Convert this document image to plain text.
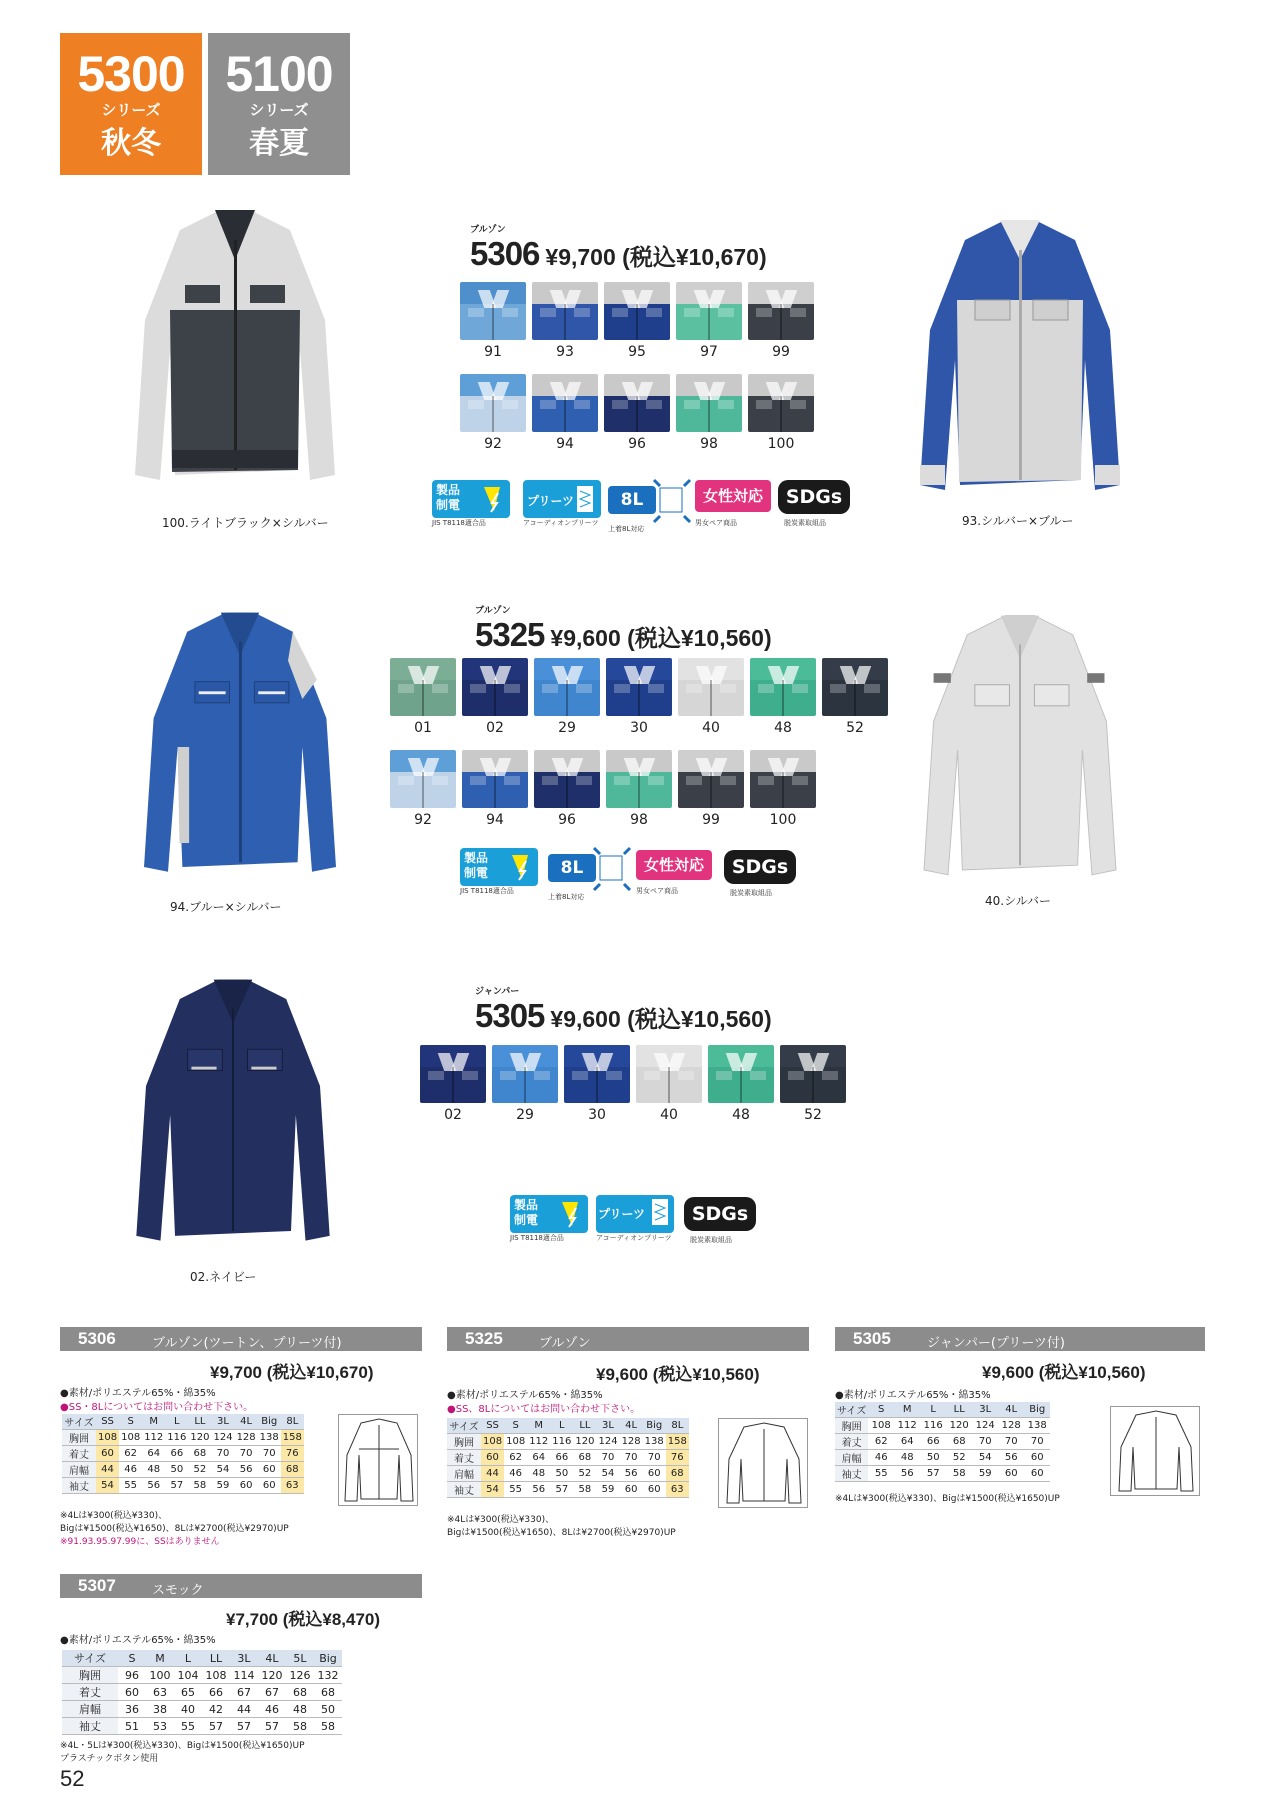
5300
シリーズ
秋冬
5100
シリーズ
春夏
100.ライトブラック×シルバー	93.シルバー×ブルー
ブルゾン
5306 ¥9,700 (税込¥10,670)
91	93	95	97	99
92	94	96	98	100
製品
制電
JIS T8118適合品
プリーツ
アコーディオンプリーツ
8L
上着8L対応
女性対応
男女ペア商品
SDGs
脱炭素取組品
94.ブルー×シルバー	40.シルバー
ブルゾン
5325 ¥9,600 (税込¥10,560)
01	02	29	30	40	48	52
92	94	96	98	99	100
製品
制電
JIS T8118適合品
8L
上着8L対応
女性対応
男女ペア商品
SDGs
脱炭素取組品
02.ネイビー
ジャンパー
5305 ¥9,600 (税込¥10,560)
02	29	30	40	48	52
製品
制電
JIS T8118適合品
プリーツ
アコーディオンプリーツ
SDGs
脱炭素取組品
5306	ブルゾン(ツートン、プリーツ付)
¥9,700 (税込¥10,670)
●素材/ポリエステル65%・綿35%
●SS・8Lについてはお問い合わせ下さい。
サイズ	SS	S	M	L	LL	3L	4L	Big	8L
胸囲	108	108	112	116	120	124	128	138	158
着丈	60	62	64	66	68	70	70	70	76
肩幅	44	46	48	50	52	54	56	60	68
袖丈	54	55	56	57	58	59	60	60	63
※4Lは¥300(税込¥330)、
Bigは¥1500(税込¥1650)、8Lは¥2700(税込¥2970)UP
※91.93.95.97.99に、SSはありません
5325	ブルゾン
¥9,600 (税込¥10,560)
●素材/ポリエステル65%・綿35%
●SS、8Lについてはお問い合わせ下さい。
サイズ	SS	S	M	L	LL	3L	4L	Big	8L
胸囲	108	108	112	116	120	124	128	138	158
着丈	60	62	64	66	68	70	70	70	76
肩幅	44	46	48	50	52	54	56	60	68
袖丈	54	55	56	57	58	59	60	60	63
※4Lは¥300(税込¥330)、
Bigは¥1500(税込¥1650)、8Lは¥2700(税込¥2970)UP
5305	ジャンパー(プリーツ付)
¥9,600 (税込¥10,560)
●素材/ポリエステル65%・綿35%
サイズ	S	M	L	LL	3L	4L	Big
胸囲	108	112	116	120	124	128	138
着丈	62	64	66	68	70	70	70
肩幅	46	48	50	52	54	56	60
袖丈	55	56	57	58	59	60	60
※4Lは¥300(税込¥330)、Bigは¥1500(税込¥1650)UP
5307	スモック
¥7,700 (税込¥8,470)
●素材/ポリエステル65%・綿35%
サイズ	S	M	L	LL	3L	4L	5L	Big
胸囲	96	100	104	108	114	120	126	132
着丈	60	63	65	66	67	67	68	68
肩幅	36	38	40	42	44	46	48	50
袖丈	51	53	55	57	57	57	58	58
※4L・5Lは¥300(税込¥330)、Bigは¥1500(税込¥1650)UP
プラスチックボタン使用
52
